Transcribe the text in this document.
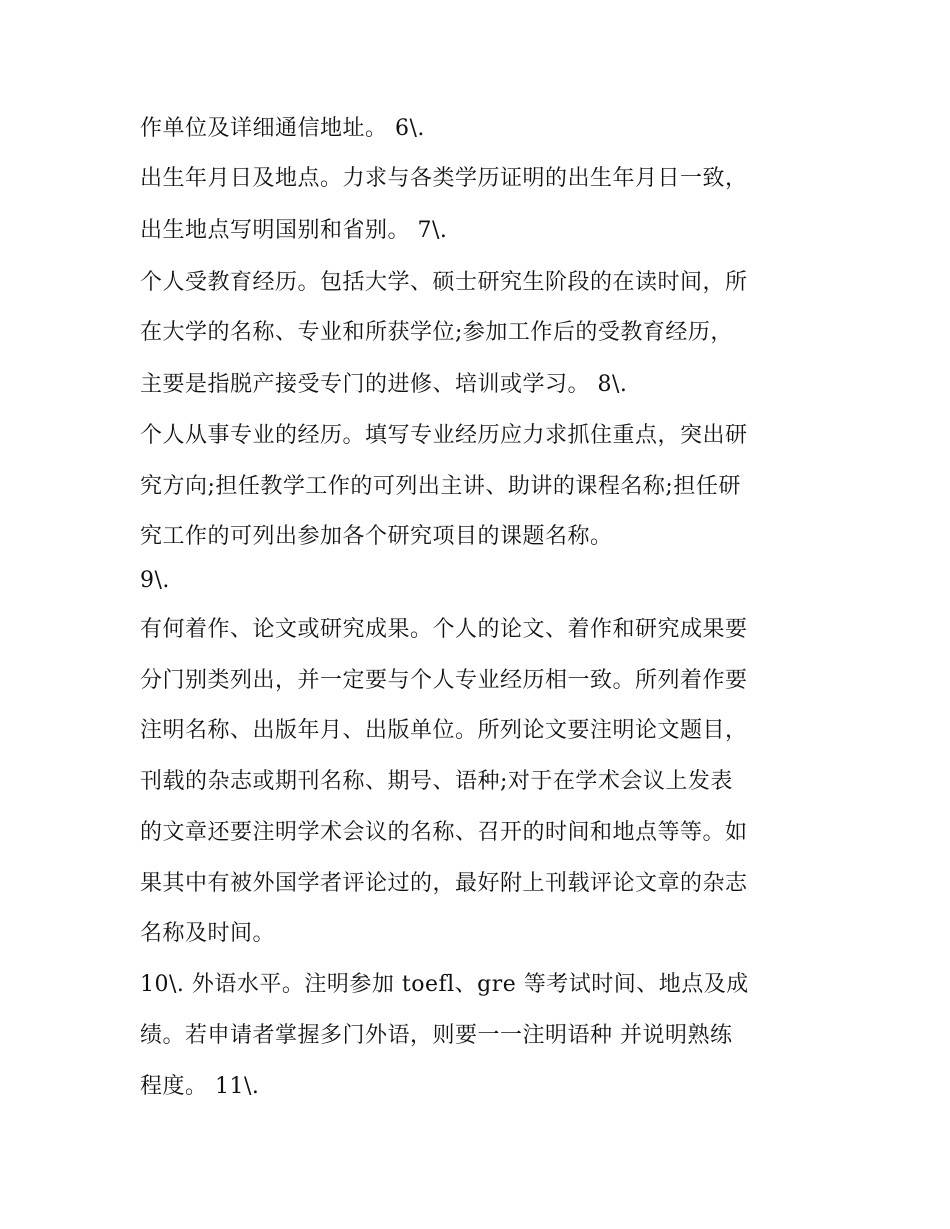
作单位及详细通信地址。 6\.
出生年月日及地点。力求与各类学历证明的出生年月日一致，
出生地点写明国别和省别。 7\.
个人受教育经历。包括大学、硕士研究生阶段的在读时间，所
在大学的名称、专业和所获学位;参加工作后的受教育经历，
主要是指脱产接受专门的进修、培训或学习。 8\.
个人从事专业的经历。填写专业经历应力求抓住重点，突出研
究方向;担任教学工作的可列出主讲、助讲的课程名称;担任研
究工作的可列出参加各个研究项目的课题名称。
9\.
有何着作、论文或研究成果。个人的论文、着作和研究成果要
分门别类列出，并一定要与个人专业经历相一致。所列着作要
注明名称、出版年月、出版单位。所列论文要注明论文题目，
刊载的杂志或期刊名称、期号、语种;对于在学术会议上发表
的文章还要注明学术会议的名称、召开的时间和地点等等。如
果其中有被外国学者评论过的，最好附上刊载评论文章的杂志
名称及时间。
10\. 外语水平。注明参加 toefl、gre 等考试时间、地点及成
绩。若申请者掌握多门外语，则要一一注明语种 并说明熟练
程度。 11\.
